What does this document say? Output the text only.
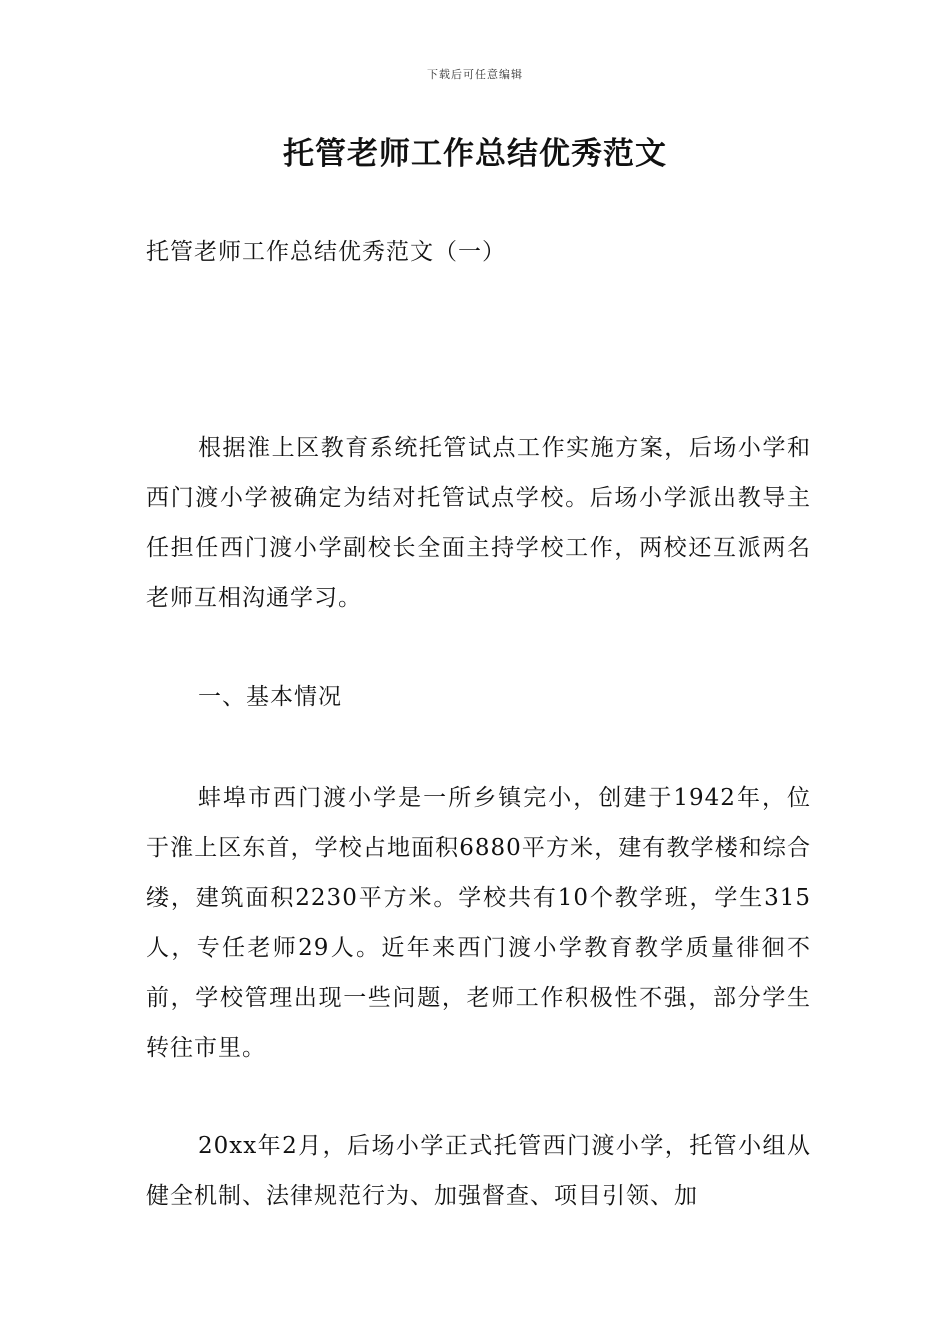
下载后可任意编辑
托管老师工作总结优秀范文

托管老师工作总结优秀范文（一）

根据淮上区教育系统托管试点工作实施方案，后场小学和西门渡小学被确定为结对托管试点学校。后场小学派出教导主任担任西门渡小学副校长全面主持学校工作，两校还互派两名老师互相沟通学习。

一、基本情况

蚌埠市西门渡小学是一所乡镇完小，创建于1942年，位于淮上区东首，学校占地面积6880平方米，建有教学楼和综合缕，建筑面积2230平方米。学校共有10个教学班，学生315人，专任老师29人。近年来西门渡小学教育教学质量徘徊不前，学校管理出现一些问题，老师工作积极性不强，部分学生转往市里。

20xx年2月，后场小学正式托管西门渡小学，托管小组从健全机制、法律规范行为、加强督查、项目引领、加
